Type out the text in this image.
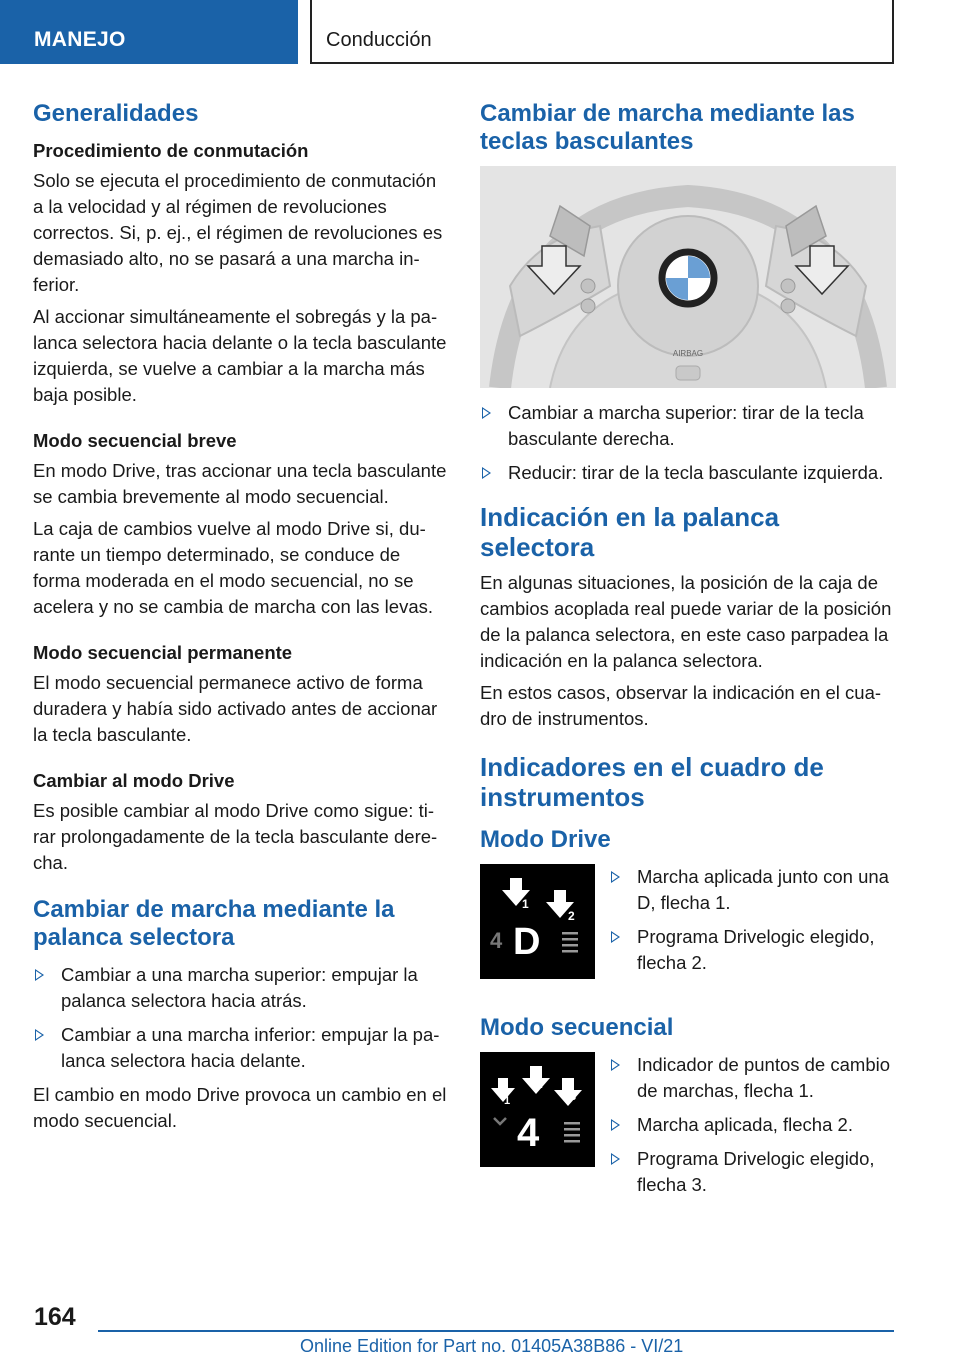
MANEJO	Conducción
Generalidades
Procedimiento de conmutación

Solo se ejecuta el procedimiento de conmutación a la velocidad y al régimen de revoluciones correctos. Si, p. ej., el régimen de revoluciones es demasiado alto, no se pasará a una marcha inferior.

Al accionar simultáneamente el sobregás y la palanca selectora hacia delante o la tecla basculante izquierda, se vuelve a cambiar a la marcha más baja posible.

Modo secuencial breve

En modo Drive, tras accionar una tecla basculante se cambia brevemente al modo secuencial.

La caja de cambios vuelve al modo Drive si, durante un tiempo determinado, se conduce de forma moderada en el modo secuencial, no se acelera y no se cambia de marcha con las levas.

Modo secuencial permanente

El modo secuencial permanece activo de forma duradera y había sido activado antes de accionar la tecla basculante.

Cambiar al modo Drive

Es posible cambiar al modo Drive como sigue: tirar prolongadamente de la tecla basculante derecha.

Cambiar de marcha mediante la palanca selectora
Cambiar a una marcha superior: empujar la palanca selectora hacia atrás.
Cambiar a una marcha inferior: empujar la palanca selectora hacia delante.

El cambio en modo Drive provoca un cambio en el modo secuencial.

Cambiar de marcha mediante las teclas basculantes
AIRBAG
Cambiar a marcha superior: tirar de la tecla basculante derecha.
Reducir: tirar de la tecla basculante izquierda.
Indicación en la palanca selectora

En algunas situaciones, la posición de la caja de cambios acoplada real puede variar de la posición de la palanca selectora, en este caso parpadea la indicación en la palanca selectora.

En estos casos, observar la indicación en el cuadro de instrumentos.

Indicadores en el cuadro de instrumentos
Modo Drive
1
2
4 D
Marcha aplicada junto con una D, flecha 1.
Programa Drivelogic elegido, flecha 2.
Modo secuencial
1
2
3
4
Indicador de puntos de cambio de marchas, flecha 1.
Marcha aplicada, flecha 2.
Programa Drivelogic elegido, flecha 3.
164
Online Edition for Part no. 01405A38B86 - VI/21
